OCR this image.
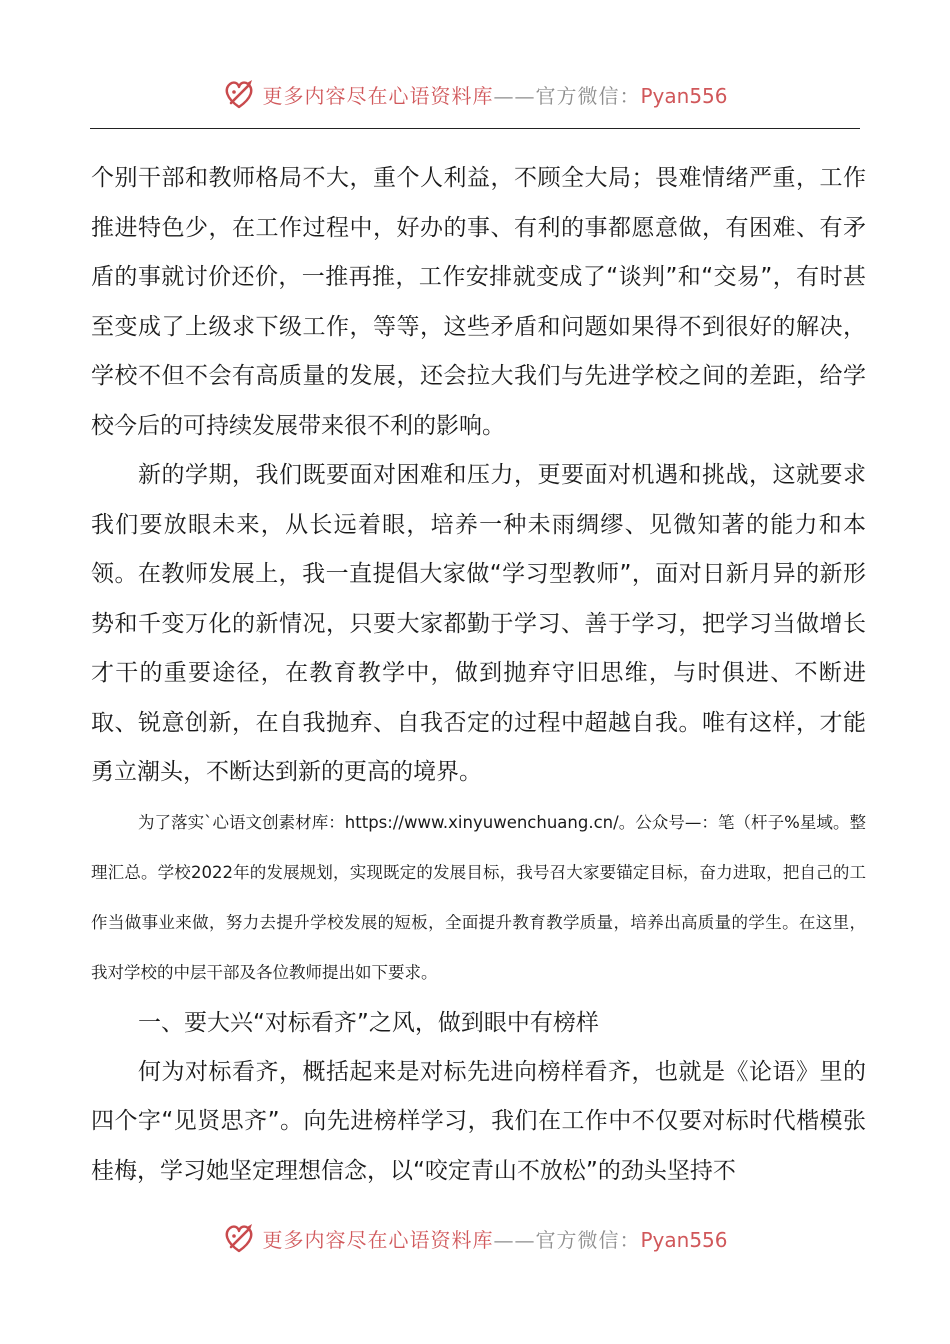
更多内容尽在心语资料库——官方微信：Pyan556

个别干部和教师格局不大，重个人利益，不顾全大局；畏难情绪严重，工作推进特色少，在工作过程中，好办的事、有利的事都愿意做，有困难、有矛盾的事就讨价还价，一推再推，工作安排就变成了“谈判”和“交易”，有时甚至变成了上级求下级工作，等等，这些矛盾和问题如果得不到很好的解决，学校不但不会有高质量的发展，还会拉大我们与先进学校之间的差距，给学校今后的可持续发展带来很不利的影响。

新的学期，我们既要面对困难和压力，更要面对机遇和挑战，这就要求我们要放眼未来，从长远着眼，培养一种未雨绸缪、见微知著的能力和本领。在教师发展上，我一直提倡大家做“学习型教师”，面对日新月异的新形势和千变万化的新情况，只要大家都勤于学习、善于学习，把学习当做增长才干的重要途径，在教育教学中，做到抛弃守旧思维，与时俱进、不断进取、锐意创新，在自我抛弃、自我否定的过程中超越自我。唯有这样，才能勇立潮头，不断达到新的更高的境界。

为了落实`心语文创素材库：https://www.xinyuwenchuang.cn/。公众号—：笔（杆子%星域。整理汇总。学校2022年的发展规划，实现既定的发展目标，我号召大家要锚定目标，奋力进取，把自己的工作当做事业来做，努力去提升学校发展的短板，全面提升教育教学质量，培养出高质量的学生。在这里，我对学校的中层干部及各位教师提出如下要求。

一、要大兴“对标看齐”之风，做到眼中有榜样

何为对标看齐，概括起来是对标先进向榜样看齐，也就是《论语》里的四个字“见贤思齐”。向先进榜样学习，我们在工作中不仅要对标时代楷模张桂梅，学习她坚定理想信念，以“咬定青山不放松”的劲头坚持不

更多内容尽在心语资料库——官方微信：Pyan556
